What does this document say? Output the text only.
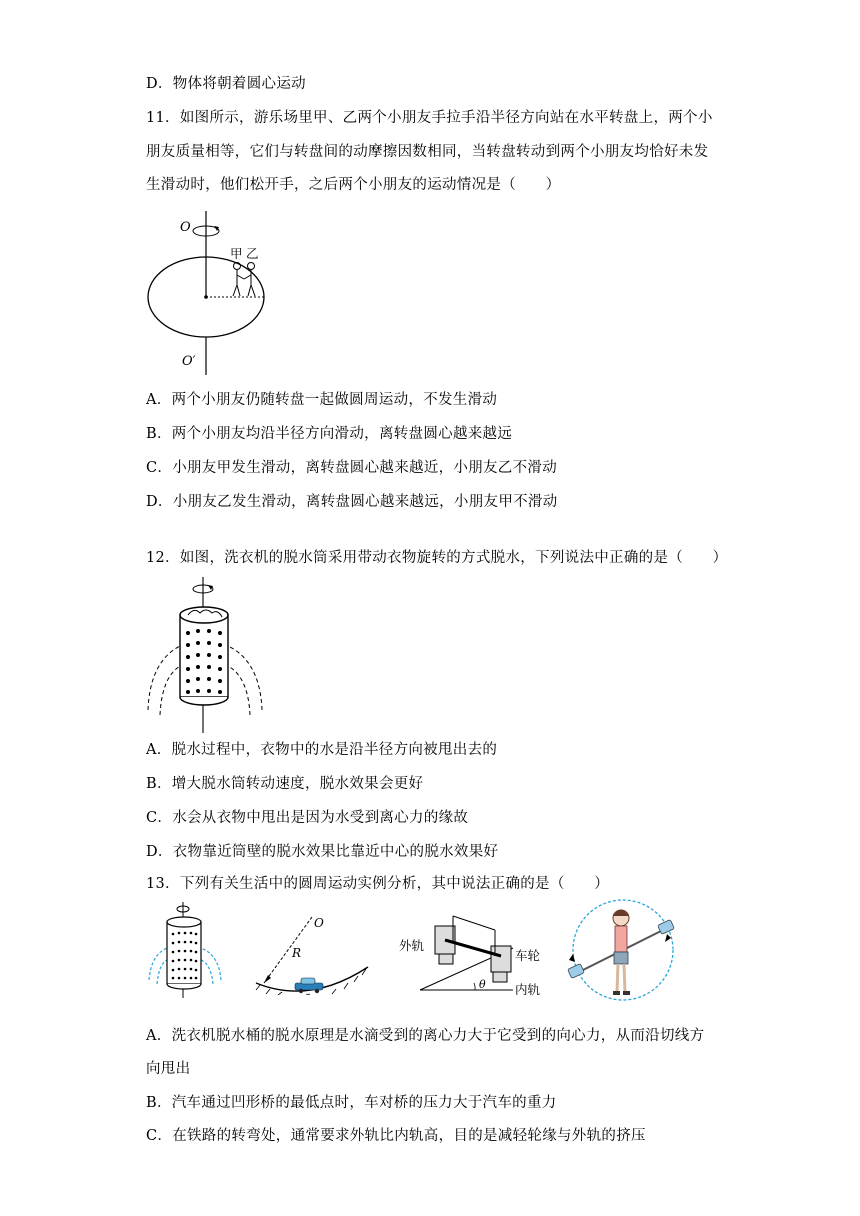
D．物体将朝着圆心运动
11．如图所示，游乐场里甲、乙两个小朋友手拉手沿半径方向站在水平转盘上，两个小
朋友质量相等，它们与转盘间的动摩擦因数相同，当转盘转动到两个小朋友均恰好未发
生滑动时，他们松开手，之后两个小朋友的运动情况是（　　）
O
O′
甲 乙
A．两个小朋友仍随转盘一起做圆周运动，不发生滑动
B．两个小朋友均沿半径方向滑动，离转盘圆心越来越远
C．小朋友甲发生滑动，离转盘圆心越来越近，小朋友乙不滑动
D．小朋友乙发生滑动，离转盘圆心越来越远，小朋友甲不滑动
12．如图，洗衣机的脱水筒采用带动衣物旋转的方式脱水，下列说法中正确的是（　　）
A．脱水过程中，衣物中的水是沿半径方向被甩出去的
B．增大脱水筒转动速度，脱水效果会更好
C．水会从衣物中甩出是因为水受到离心力的缘故
D．衣物靠近筒壁的脱水效果比靠近中心的脱水效果好
13．下列有关生活中的圆周运动实例分析，其中说法正确的是（　　）
O
R	外轨
车轮
内轨
θ
A．洗衣机脱水桶的脱水原理是水滴受到的离心力大于它受到的向心力，从而沿切线方
向甩出
B．汽车通过凹形桥的最低点时，车对桥的压力大于汽车的重力
C．在铁路的转弯处，通常要求外轨比内轨高，目的是减轻轮缘与外轨的挤压
